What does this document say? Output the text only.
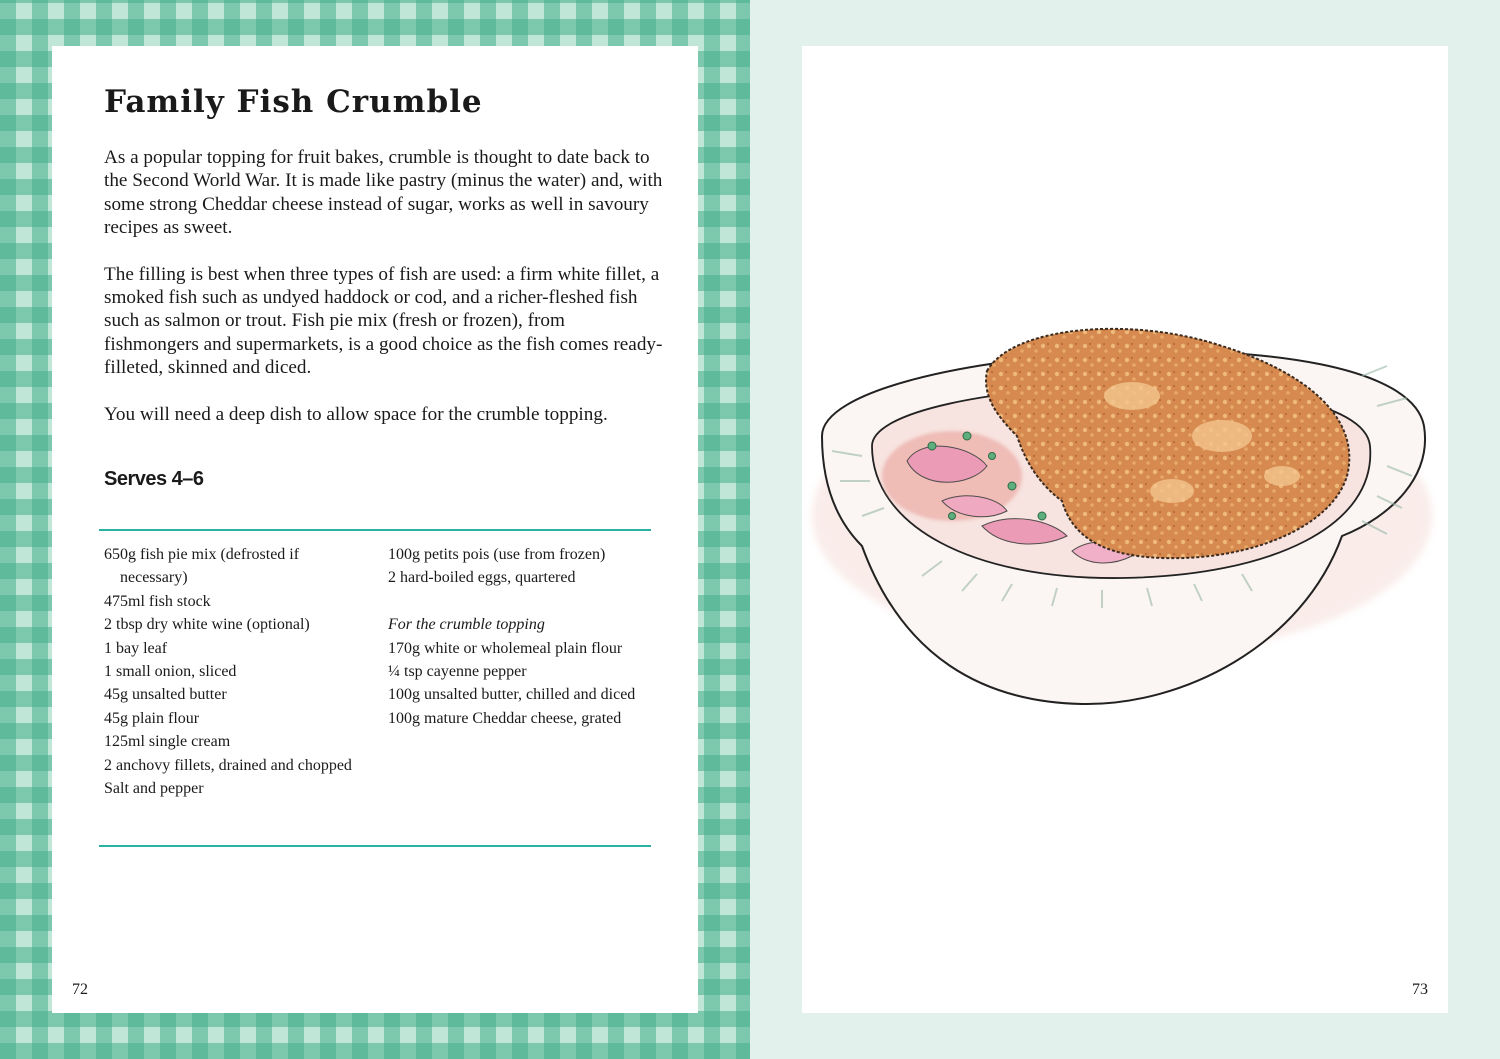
Family Fish Crumble

As a popular topping for fruit bakes, crumble is thought to date back to the Second World War. It is made like pastry (minus the water) and, with some strong Cheddar cheese instead of sugar, works as well in savoury recipes as sweet.

The filling is best when three types of fish are used: a firm white fillet, a smoked fish such as undyed haddock or cod, and a richer-fleshed fish such as salmon or trout. Fish pie mix (fresh or frozen), from fishmongers and supermarkets, is a good choice as the fish comes ready-filleted, skinned and diced.

You will need a deep dish to allow space for the crumble topping.

Serves 4–6
650g fish pie mix (defrosted if necessary)
475ml fish stock
2 tbsp dry white wine (optional)
1 bay leaf
1 small onion, sliced
45g unsalted butter
45g plain flour
125ml single cream
2 anchovy fillets, drained and chopped
Salt and pepper
100g petits pois (use from frozen)
2 hard-boiled eggs, quartered
For the crumble topping
170g white or wholemeal plain flour
¼ tsp cayenne pepper
100g unsalted butter, chilled and diced
100g mature Cheddar cheese, grated
72	73
